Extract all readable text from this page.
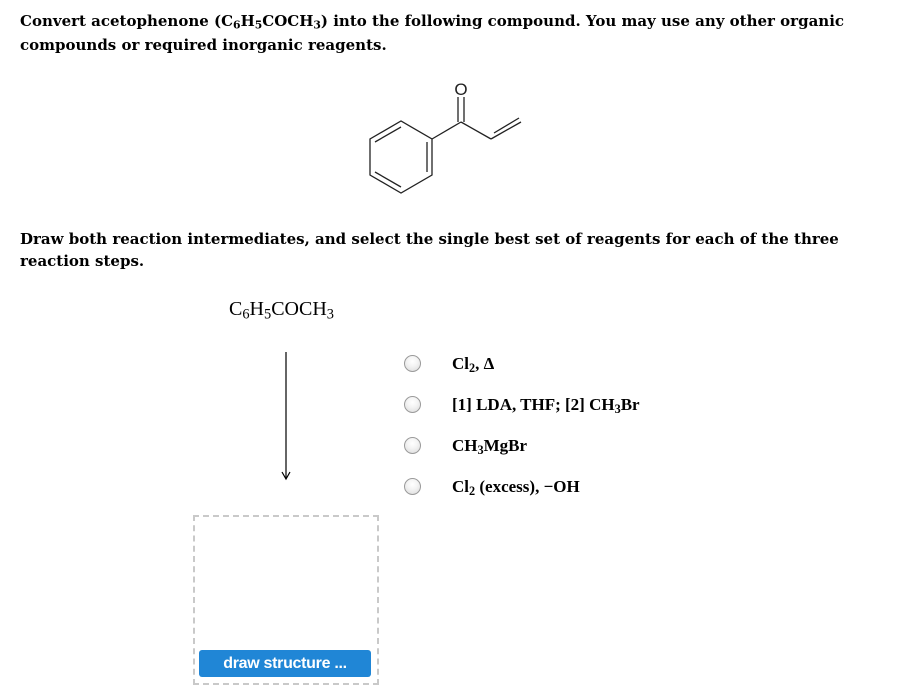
Convert acetophenone $(C_6H_5COCH_3)$ into the following compound. You may use any other organic compounds or required inorganic reagents.

O

Draw both reaction intermediates, and select the single best set of reagents for each of the three reaction steps.

$C_6H_5COCH_3$
draw structure ...
$Cl_2$, Δ
[1] LDA, THF; [2] $CH_3Br$
$CH_3MgBr$
$Cl_2$ (excess), −OH
